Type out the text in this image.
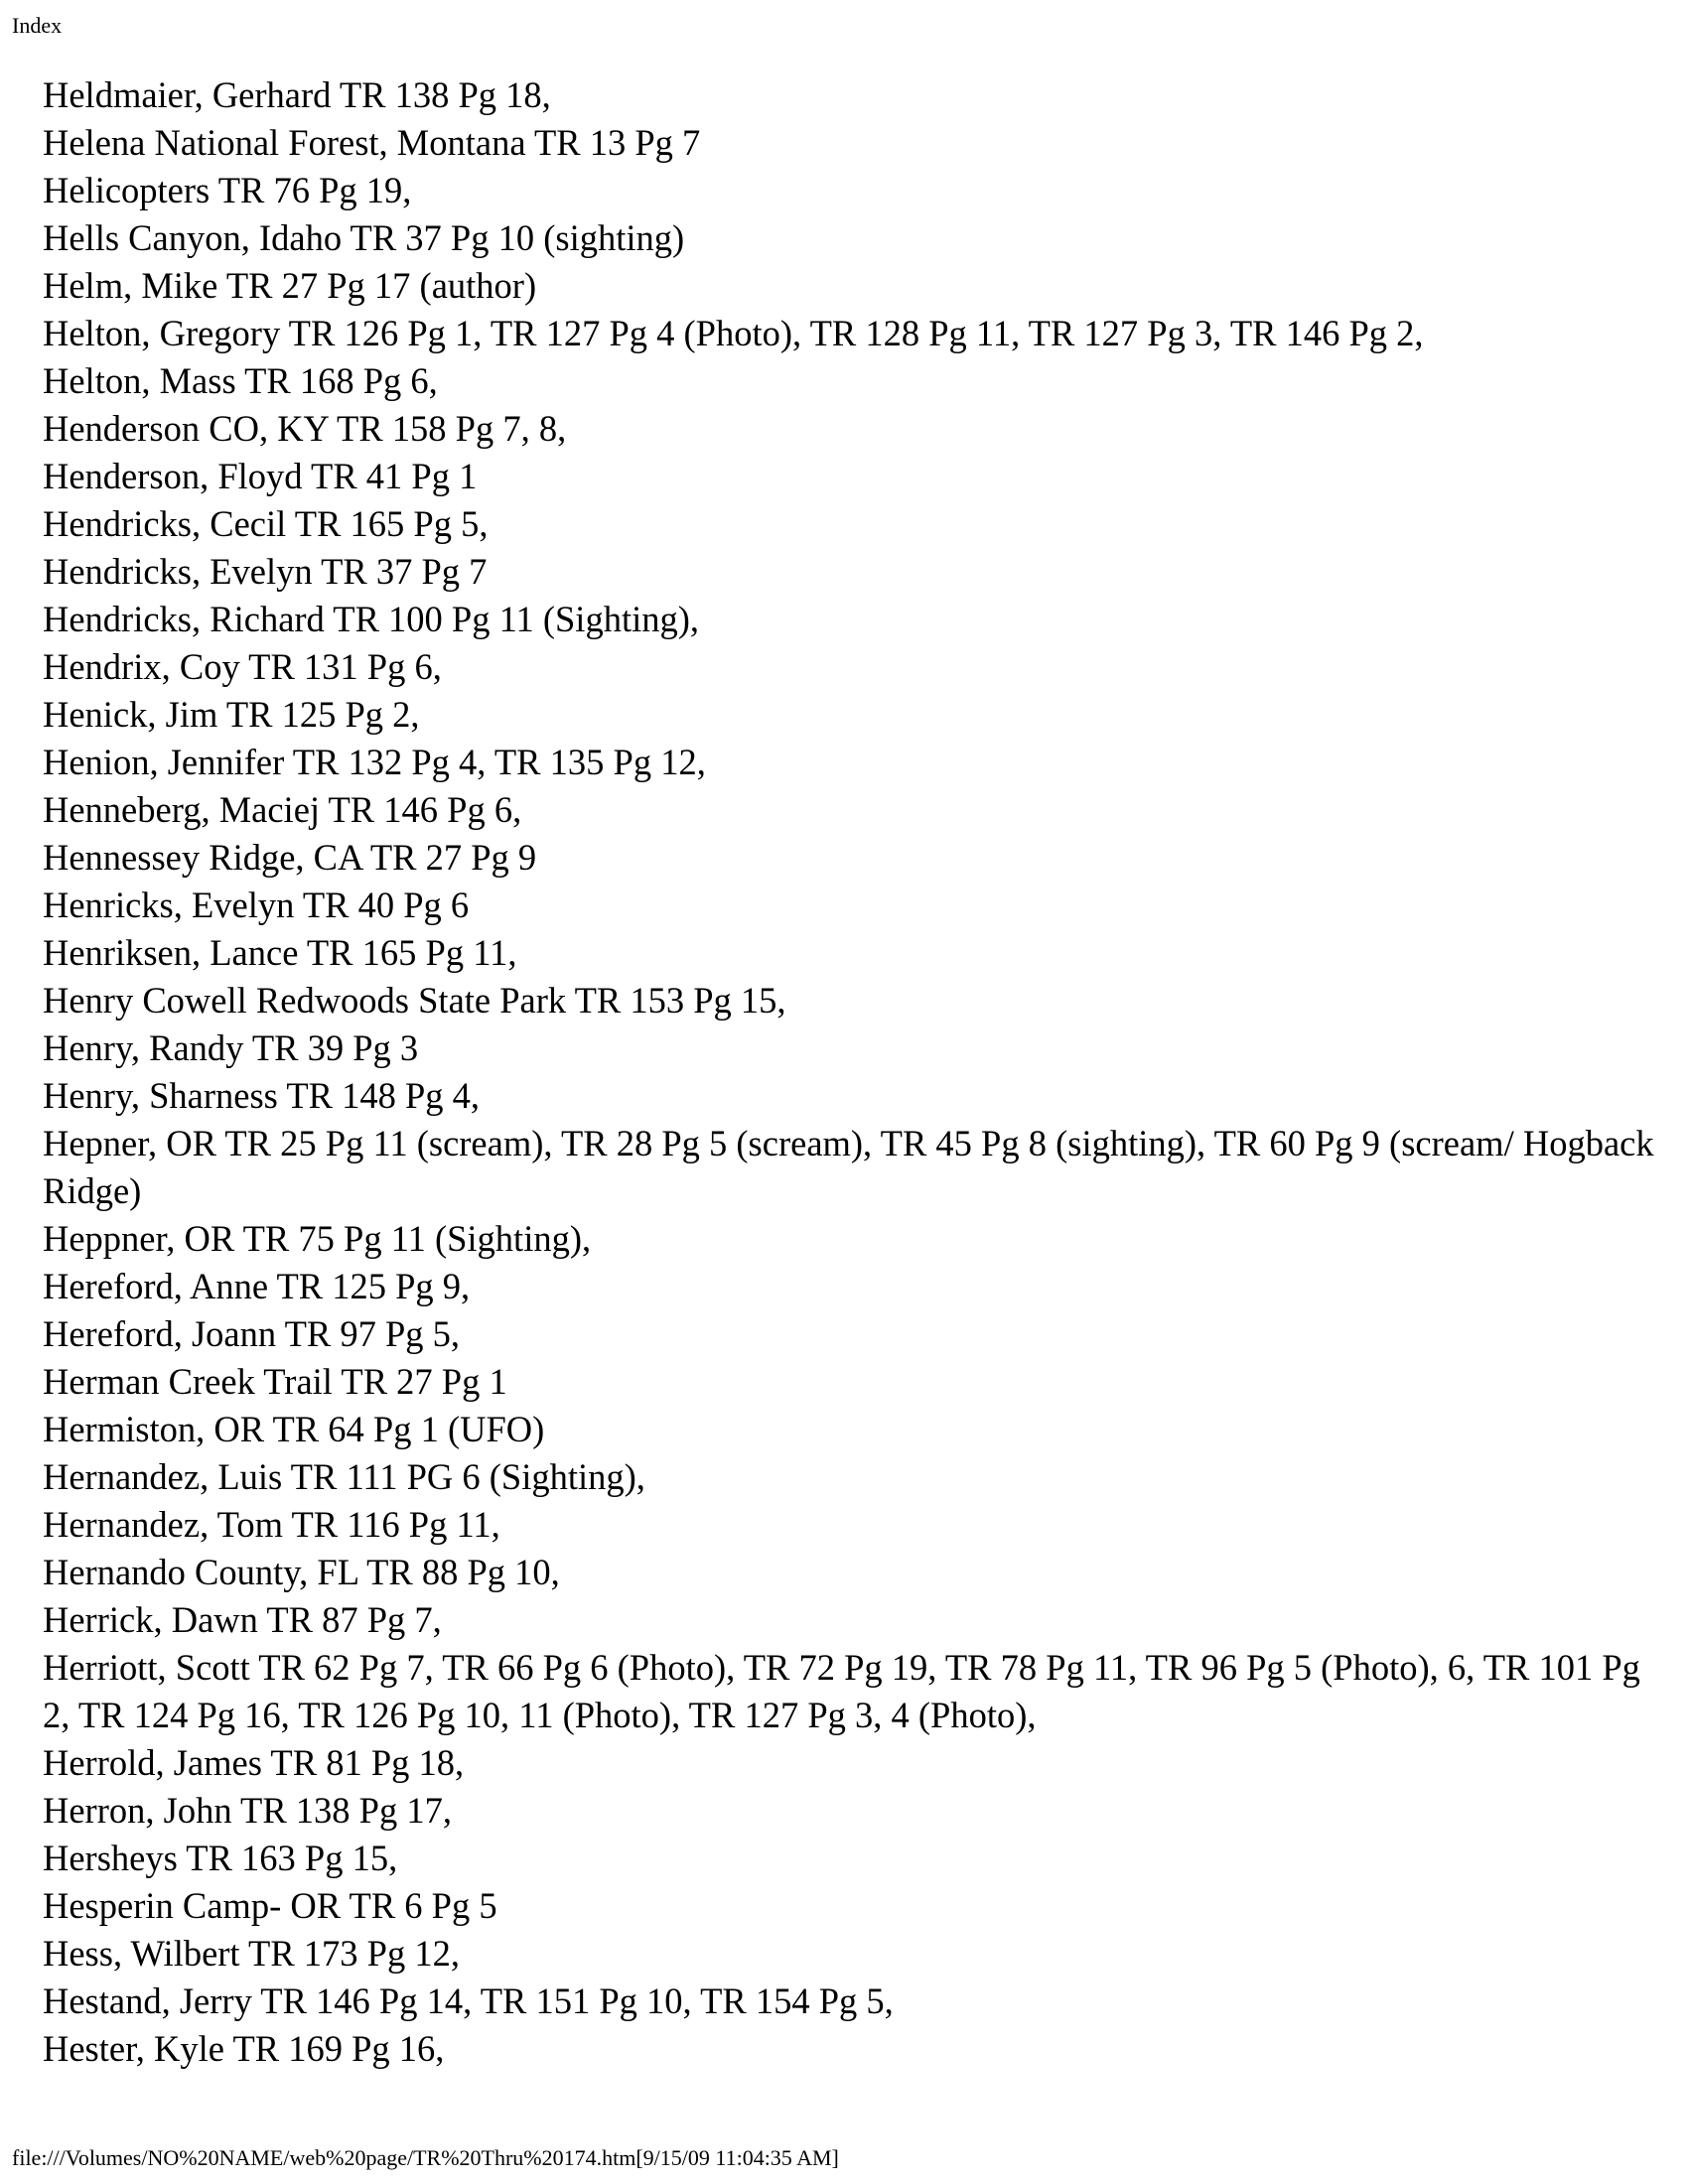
Index
Heldmaier, Gerhard TR 138 Pg 18,
Helena National Forest, Montana TR 13 Pg 7
Helicopters TR 76 Pg 19,
Hells Canyon, Idaho TR 37 Pg 10 (sighting)
Helm, Mike TR 27 Pg 17 (author)
Helton, Gregory TR 126 Pg 1, TR 127 Pg 4 (Photo), TR 128 Pg 11, TR 127 Pg 3, TR 146 Pg 2,
Helton, Mass TR 168 Pg 6,
Henderson CO, KY TR 158 Pg 7, 8,
Henderson, Floyd TR 41 Pg 1
Hendricks, Cecil TR 165 Pg 5,
Hendricks, Evelyn TR 37 Pg 7
Hendricks, Richard TR 100 Pg 11 (Sighting),
Hendrix, Coy TR 131 Pg 6,
Henick, Jim TR 125 Pg 2,
Henion, Jennifer TR 132 Pg 4, TR 135 Pg 12,
Henneberg, Maciej TR 146 Pg 6,
Hennessey Ridge, CA TR 27 Pg 9
Henricks, Evelyn TR 40 Pg 6
Henriksen, Lance TR 165 Pg 11,
Henry Cowell Redwoods State Park TR 153 Pg 15,
Henry, Randy TR 39 Pg 3
Henry, Sharness TR 148 Pg 4,
Hepner, OR TR 25 Pg 11 (scream), TR 28 Pg 5 (scream), TR 45 Pg 8 (sighting), TR 60 Pg 9 (scream/ Hogback Ridge)
Heppner, OR TR 75 Pg 11 (Sighting),
Hereford, Anne TR 125 Pg 9,
Hereford, Joann TR 97 Pg 5,
Herman Creek Trail TR 27 Pg 1
Hermiston, OR TR 64 Pg 1 (UFO)
Hernandez, Luis TR 111 PG 6 (Sighting),
Hernandez, Tom TR 116 Pg 11,
Hernando County, FL TR 88 Pg 10,
Herrick, Dawn TR 87 Pg 7,
Herriott, Scott TR 62 Pg 7, TR 66 Pg 6 (Photo), TR 72 Pg 19, TR 78 Pg 11, TR 96 Pg 5 (Photo), 6, TR 101 Pg 2, TR 124 Pg 16, TR 126 Pg 10, 11 (Photo), TR 127 Pg 3, 4 (Photo),
Herrold, James TR 81 Pg 18,
Herron, John TR 138 Pg 17,
Hersheys TR 163 Pg 15,
Hesperin Camp- OR TR 6 Pg 5
Hess, Wilbert TR 173 Pg 12,
Hestand, Jerry TR 146 Pg 14, TR 151 Pg 10, TR 154 Pg 5,
Hester, Kyle TR 169 Pg 16,
file:///Volumes/NO%20NAME/web%20page/TR%20Thru%20174.htm[9/15/09 11:04:35 AM]
